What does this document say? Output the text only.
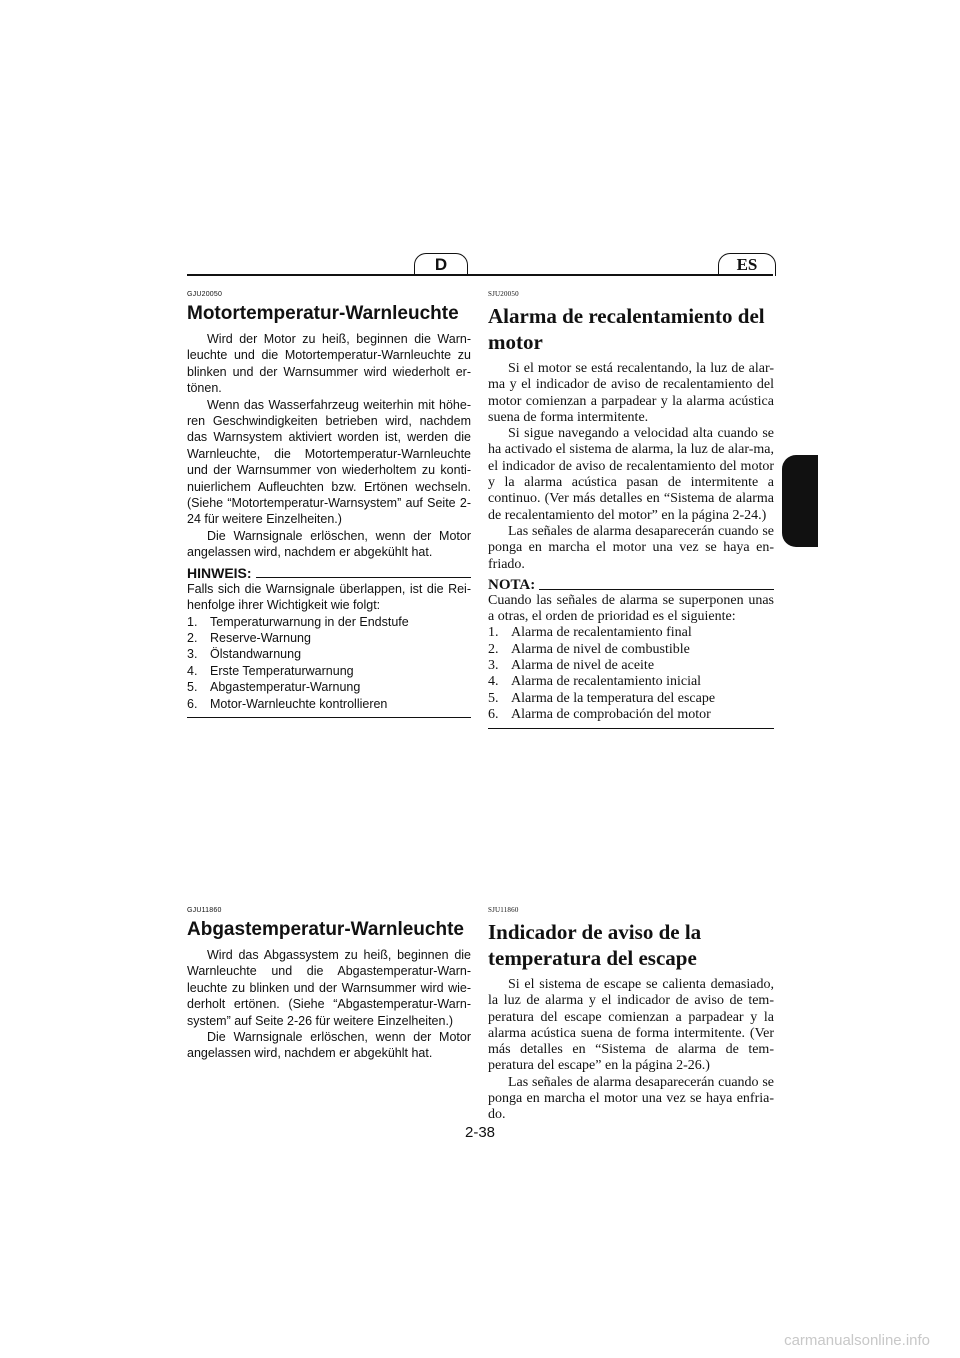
D	ES
GJU20050
Motortemperatur-Warnleuchte

Wird der Motor zu heiß, beginnen die Warn-leuchte und die Motortemperatur-Warnleuchte zu blinken und der Warnsummer wird wiederholt er-tönen.

Wenn das Wasserfahrzeug weiterhin mit höhe-ren Geschwindigkeiten betrieben wird, nachdem das Warnsystem aktiviert worden ist, werden die Warnleuchte, die Motortemperatur-Warnleuchte und der Warnsummer von wiederholtem zu konti-nuierlichem Aufleuchten bzw. Ertönen wechseln. (Siehe “Motortemperatur-Warnsystem” auf Seite 2-24 für weitere Einzelheiten.)

Die Warnsignale erlöschen, wenn der Motor angelassen wird, nachdem er abgekühlt hat.

HINWEIS:
Falls sich die Warnsignale überlappen, ist die Rei-henfolge ihrer Wichtigkeit wie folgt:
1.	Temperaturwarnung in der Endstufe
2.	Reserve-Warnung
3.	Ölstandwarnung
4.	Erste Temperaturwarnung
5.	Abgastemperatur-Warnung
6.	Motor-Warnleuchte kontrollieren
SJU20050
Alarma de recalentamiento del motor

Si el motor se está recalentando, la luz de alar-ma y el indicador de aviso de recalentamiento del motor comienzan a parpadear y la alarma acústica suena de forma intermitente.

Si sigue navegando a velocidad alta cuando se ha activado el sistema de alarma, la luz de alar-ma, el indicador de aviso de recalentamiento del motor y la alarma acústica pasan de intermitente a continuo. (Ver más detalles en “Sistema de alarma de recalentamiento del motor” en la página 2-24.)

Las señales de alarma desaparecerán cuando se ponga en marcha el motor una vez se haya en-friado.

NOTA:
Cuando las señales de alarma se superponen unas a otras, el orden de prioridad es el siguiente:
1. Alarma de recalentamiento final
2. Alarma de nivel de combustible
3. Alarma de nivel de aceite
4. Alarma de recalentamiento inicial
5. Alarma de la temperatura del escape
6. Alarma de comprobación del motor
GJU11860
Abgastemperatur-Warnleuchte

Wird das Abgassystem zu heiß, beginnen die Warnleuchte und die Abgastemperatur-Warn-leuchte zu blinken und der Warnsummer wird wie-derholt ertönen. (Siehe “Abgastemperatur-Warn-system” auf Seite 2-26 für weitere Einzelheiten.)

Die Warnsignale erlöschen, wenn der Motor angelassen wird, nachdem er abgekühlt hat.

SJU11860
Indicador de aviso de la temperatura del escape

Si el sistema de escape se calienta demasiado, la luz de alarma y el indicador de aviso de tem-peratura del escape comienzan a parpadear y la alarma acústica suena de forma intermitente. (Ver más detalles en “Sistema de alarma de tem-peratura del escape” en la página 2-26.)

Las señales de alarma desaparecerán cuando se ponga en marcha el motor una vez se haya enfria-do.

2-38
carmanualsonline.info
